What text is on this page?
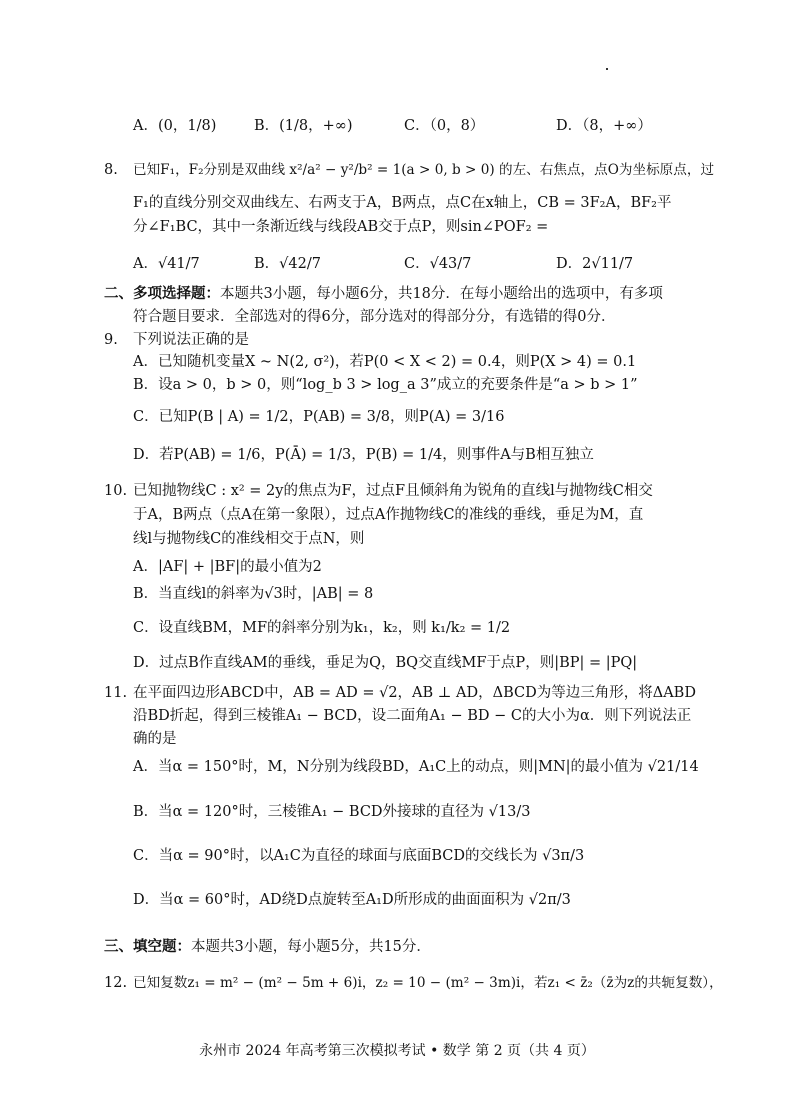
A．(0，1/8)	B．(1/8，+∞)	C．（0，8）	D．（8，+∞）
8. 已知F₁，F₂分别是双曲线 x²/a² − y²/b² = 1(a > 0, b > 0) 的左、右焦点，点O为坐标原点，过
F₁的直线分别交双曲线左、右两支于A，B两点，点C在x轴上，CB = 3F₂A，BF₂平
分∠F₁BC，其中一条渐近线与线段AB交于点P，则sin∠POF₂ =
A．√41/7	B．√42/7	C．√43/7	D．2√11/7
二、多项选择题：本题共3小题，每小题6分，共18分．在每小题给出的选项中，有多项
符合题目要求．全部选对的得6分，部分选对的得部分分，有选错的得0分．
9. 下列说法正确的是
A．已知随机变量X ~ N(2, σ²)，若P(0 < X < 2) = 0.4，则P(X > 4) = 0.1
B．设a > 0，b > 0，则“log_b 3 > log_a 3”成立的充要条件是“a > b > 1”
C．已知P(B | A) = 1/2，P(AB) = 3/8，则P(A) = 3/16
D．若P(AB) = 1/6，P(Ā) = 1/3，P(B) = 1/4，则事件A与B相互独立
10. 已知抛物线C : x² = 2y的焦点为F，过点F且倾斜角为锐角的直线l与抛物线C相交
于A，B两点（点A在第一象限），过点A作抛物线C的准线的垂线，垂足为M，直
线l与抛物线C的准线相交于点N，则
A．|AF| + |BF|的最小值为2
B．当直线l的斜率为√3时，|AB| = 8
C．设直线BM，MF的斜率分别为k₁，k₂，则 k₁/k₂ = 1/2
D．过点B作直线AM的垂线，垂足为Q，BQ交直线MF于点P，则|BP| = |PQ|
11. 在平面四边形ABCD中，AB = AD = √2，AB ⊥ AD，ΔBCD为等边三角形，将ΔABD
沿BD折起，得到三棱锥A₁ − BCD，设二面角A₁ − BD − C的大小为α．则下列说法正
确的是
A．当α = 150°时，M，N分别为线段BD，A₁C上的动点，则|MN|的最小值为 √21/14
B．当α = 120°时，三棱锥A₁ − BCD外接球的直径为 √13/3
C．当α = 90°时，以A₁C为直径的球面与底面BCD的交线长为 √3π/3
D．当α = 60°时，AD绕D点旋转至A₁D所形成的曲面面积为 √2π/3
三、填空题：本题共3小题，每小题5分，共15分．
12. 已知复数z₁ = m² − (m² − 5m + 6)i，z₂ = 10 − (m² − 3m)i，若z₁ < z̄₂（z̄为z的共轭复数），
永州市 2024 年高考第三次模拟考试 • 数学 第 2 页（共 4 页）
